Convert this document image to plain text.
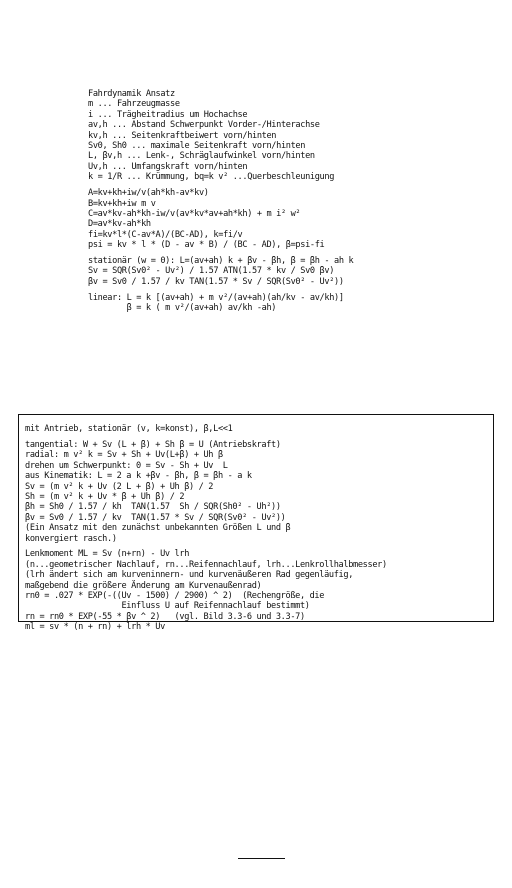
Fahrdynamik Ansatz
m ... Fahrzeugmasse
i ... Trägheitradius um Hochachse
av,h ... Abstand Schwerpunkt Vorder-/Hinterachse
kv,h ... Seitenkraftbeiwert vorn/hinten
Sv0, Sh0 ... maximale Seitenkraft vorn/hinten
L, βv,h ... Lenk-, Schräglaufwinkel vorn/hinten
Uv,h ... Umfangskraft vorn/hinten
k = 1/R ... Krümmung, bq=k v² ...Querbeschleunigung
A=kv+kh+iw/v(ah*kh-av*kv)
B=kv+kh+iw m v
C=av*kv-ah*kh-iw/v(av*kv*av+ah*kh) + m i² w²
D=av*kv-ah*kh
fi=kv*l*(C-av*A)/(BC-AD), k=fi/v
psi = kv * l * (D - av * B) / (BC - AD), β=psi-fi
stationär (w = 0): L=(av+ah) k + βv - βh, β = βh - ah k
Sv = SQR(Sv0² - Uv²) / 1.57 ATN(1.57 * kv / Sv0 βv)
βv = Sv0 / 1.57 / kv TAN(1.57 * Sv / SQR(Sv0² - Uv²))
linear: L = k [(av+ah) + m v²/(av+ah)(ah/kv - av/kh)]
β = k ( m v²/(av+ah) av/kh -ah)
mit Antrieb, stationär (v, k=konst), β,L<<1
tangential: W + Sv (L + β) + Sh β = U (Antriebskraft)
radial: m v² k = Sv + Sh + Uv(L+β) + Uh β
drehen um Schwerpunkt: 0 = Sv - Sh + Uv  L
aus Kinematik: L = 2 a k +βv - βh, β = βh - a k
Sv = (m v² k + Uv (2 L + β) + Uh β) / 2
Sh = (m v² k + Uv * β + Uh β) / 2
βh = Sh0 / 1.57 / kh  TAN(1.57  Sh / SQR(Sh0² - Uh²))
βv = Sv0 / 1.57 / kv  TAN(1.57 * Sv / SQR(Sv0² - Uv²))
(Ein Ansatz mit den zunächst unbekannten Größen L und β
konvergiert rasch.)
Lenkmoment ML = Sv (n+rn) - Uv lrh
(n...geometrischer Nachlauf, rn...Reifennachlauf, lrh...Lenkrollhalbmesser)
(lrh ändert sich am kurveninnern- und kurvenäußeren Rad gegenläufig,
maßgebend die größere Änderung am Kurvenaußenrad)
rn0 = .027 * EXP(-((Uv - 1500) / 2900) ^ 2)  (Rechengröße, die
Einfluss U auf Reifennachlauf bestimmt)
rn = rn0 * EXP(-55 * βv ^ 2)   (vgl. Bild 3.3-6 und 3.3-7)
ml = sv * (n + rn) + lrh * Uv
